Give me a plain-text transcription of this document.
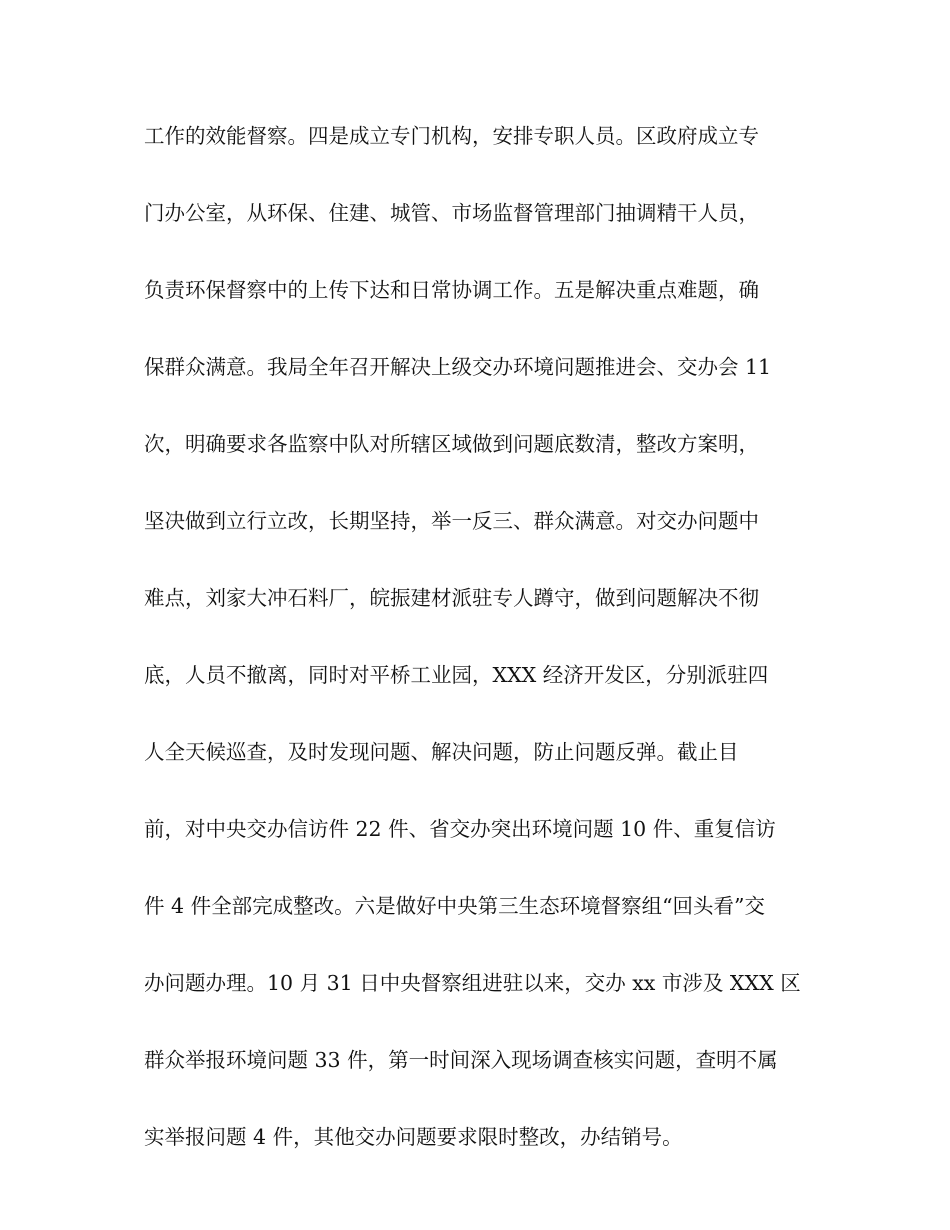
工作的效能督察。四是成立专门机构，安排专职人员。区政府成立专
门办公室，从环保、住建、城管、市场监督管理部门抽调精干人员，
负责环保督察中的上传下达和日常协调工作。五是解决重点难题，确
保群众满意。我局全年召开解决上级交办环境问题推进会、交办会 11
次，明确要求各监察中队对所辖区域做到问题底数清，整改方案明，
坚决做到立行立改，长期坚持，举一反三、群众满意。对交办问题中
难点，刘家大冲石料厂，皖振建材派驻专人蹲守，做到问题解决不彻
底，人员不撤离，同时对平桥工业园，XXX 经济开发区，分别派驻四
人全天候巡查，及时发现问题、解决问题，防止问题反弹。截止目
前，对中央交办信访件 22 件、省交办突出环境问题 10 件、重复信访
件 4 件全部完成整改。六是做好中央第三生态环境督察组“回头看”交
办问题办理。10 月 31 日中央督察组进驻以来，交办 xx 市涉及 XXX 区
群众举报环境问题 33 件，第一时间深入现场调查核实问题，查明不属
实举报问题 4 件，其他交办问题要求限时整改，办结销号。
